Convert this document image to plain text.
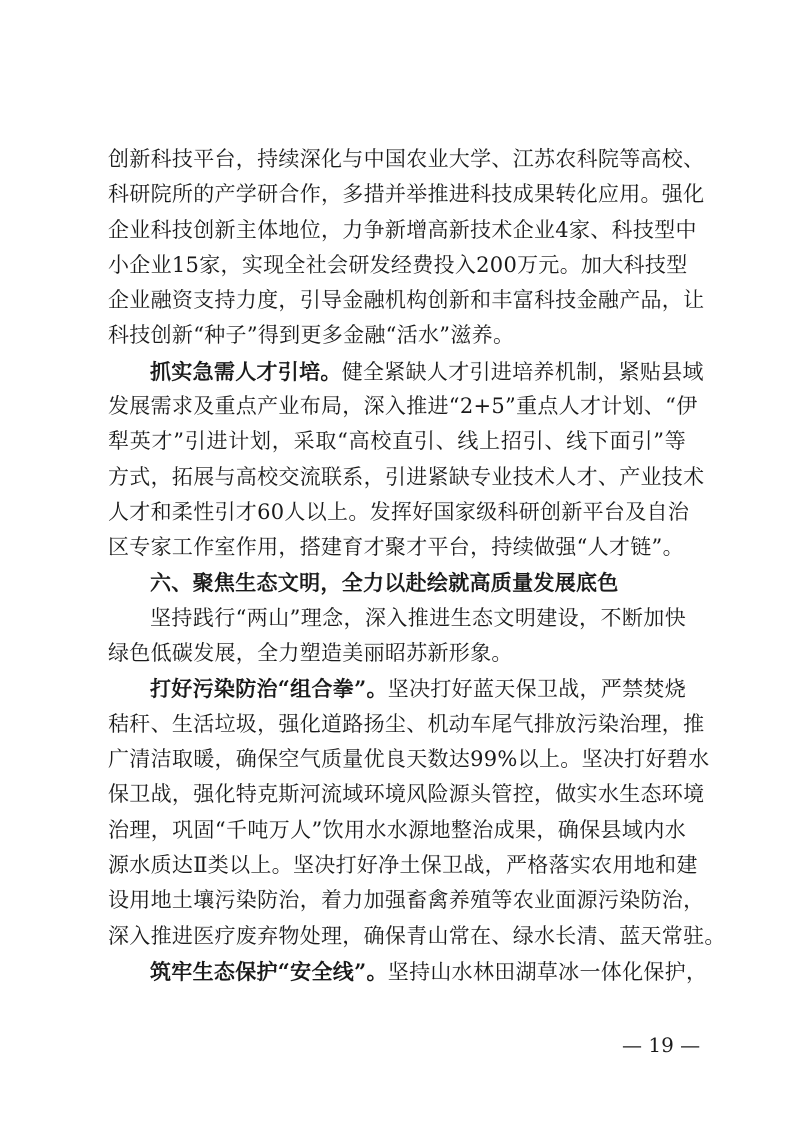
创新科技平台，持续深化与中国农业大学、江苏农科院等高校、
科研院所的产学研合作，多措并举推进科技成果转化应用。强化
企业科技创新主体地位，力争新增高新技术企业4家、科技型中
小企业15家，实现全社会研发经费投入200万元。加大科技型
企业融资支持力度，引导金融机构创新和丰富科技金融产品，让
科技创新“种子”得到更多金融“活水”滋养。
抓实急需人才引培。健全紧缺人才引进培养机制，紧贴县域
发展需求及重点产业布局，深入推进“2+5”重点人才计划、“伊
犁英才”引进计划，采取“高校直引、线上招引、线下面引”等
方式，拓展与高校交流联系，引进紧缺专业技术人才、产业技术
人才和柔性引才60人以上。发挥好国家级科研创新平台及自治
区专家工作室作用，搭建育才聚才平台，持续做强“人才链”。
六、聚焦生态文明，全力以赴绘就高质量发展底色
坚持践行“两山”理念，深入推进生态文明建设，不断加快
绿色低碳发展，全力塑造美丽昭苏新形象。
打好污染防治“组合拳”。坚决打好蓝天保卫战，严禁焚烧
秸秆、生活垃圾，强化道路扬尘、机动车尾气排放污染治理，推
广清洁取暖，确保空气质量优良天数达99%以上。坚决打好碧水
保卫战，强化特克斯河流域环境风险源头管控，做实水生态环境
治理，巩固“千吨万人”饮用水水源地整治成果，确保县域内水
源水质达Ⅱ类以上。坚决打好净土保卫战，严格落实农用地和建
设用地土壤污染防治，着力加强畜禽养殖等农业面源污染防治，
深入推进医疗废弃物处理，确保青山常在、绿水长清、蓝天常驻。
筑牢生态保护“安全线”。坚持山水林田湖草冰一体化保护，
— 19 —
